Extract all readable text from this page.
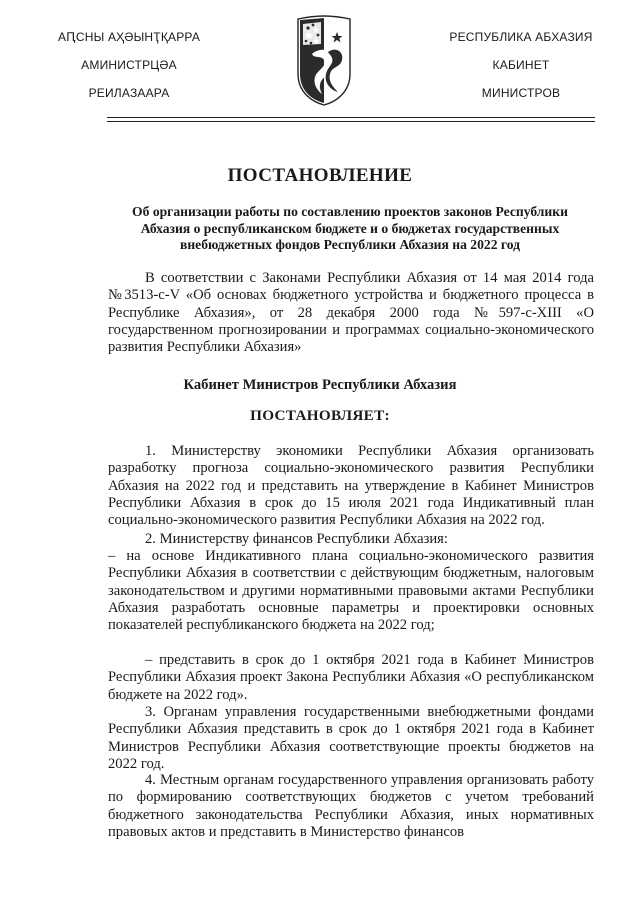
АԤСНЫ АҲӘЫНҬҚАРРА
АМИНИСТРЦӘА
РЕИЛАЗААРА
РЕСПУБЛИКА АБХАЗИЯ
КАБИНЕТ
МИНИСТРОВ
ПОСТАНОВЛЕНИЕ
Об организации работы по составлению проектов законов Республики Абхазия о республиканском бюджете и о бюджетах государственных внебюджетных фондов Республики Абхазия на 2022 год

В соответствии с Законами Республики Абхазия от 14 мая 2014 года №3513-с-V «Об основах бюджетного устройства и бюджетного процесса в Республике Абхазия», от 28 декабря 2000 года №597-с-XIII «О государственном прогнозировании и программах социально-экономического развития Республики Абхазия»

Кабинет Министров Республики Абхазия
ПОСТАНОВЛЯЕТ:

1. Министерству экономики Республики Абхазия организовать разработку прогноза социально-экономического развития Республики Абхазия на 2022 год и представить на утверждение в Кабинет Министров Республики Абхазия в срок до 15 июля 2021 года Индикативный план социально-экономического развития Республики Абхазия на 2022 год.

2. Министерству финансов Республики Абхазия:

– на основе Индикативного плана социально-экономического развития Республики Абхазия в соответствии с действующим бюджетным, налоговым законодательством и другими нормативными правовыми актами Республики Абхазия разработать основные параметры и проектировки основных показателей республиканского бюджета на 2022 год;

– представить в срок до 1 октября 2021 года в Кабинет Министров Республики Абхазия проект Закона Республики Абхазия «О республиканском бюджете на 2022 год».

3. Органам управления государственными внебюджетными фондами Республики Абхазия представить в срок до 1 октября 2021 года в Кабинет Министров Республики Абхазия соответствующие проекты бюджетов на 2022 год.

4. Местным органам государственного управления организовать работу по формированию соответствующих бюджетов с учетом требований бюджетного законодательства Республики Абхазия, иных нормативных правовых актов и представить в Министерство финансов
